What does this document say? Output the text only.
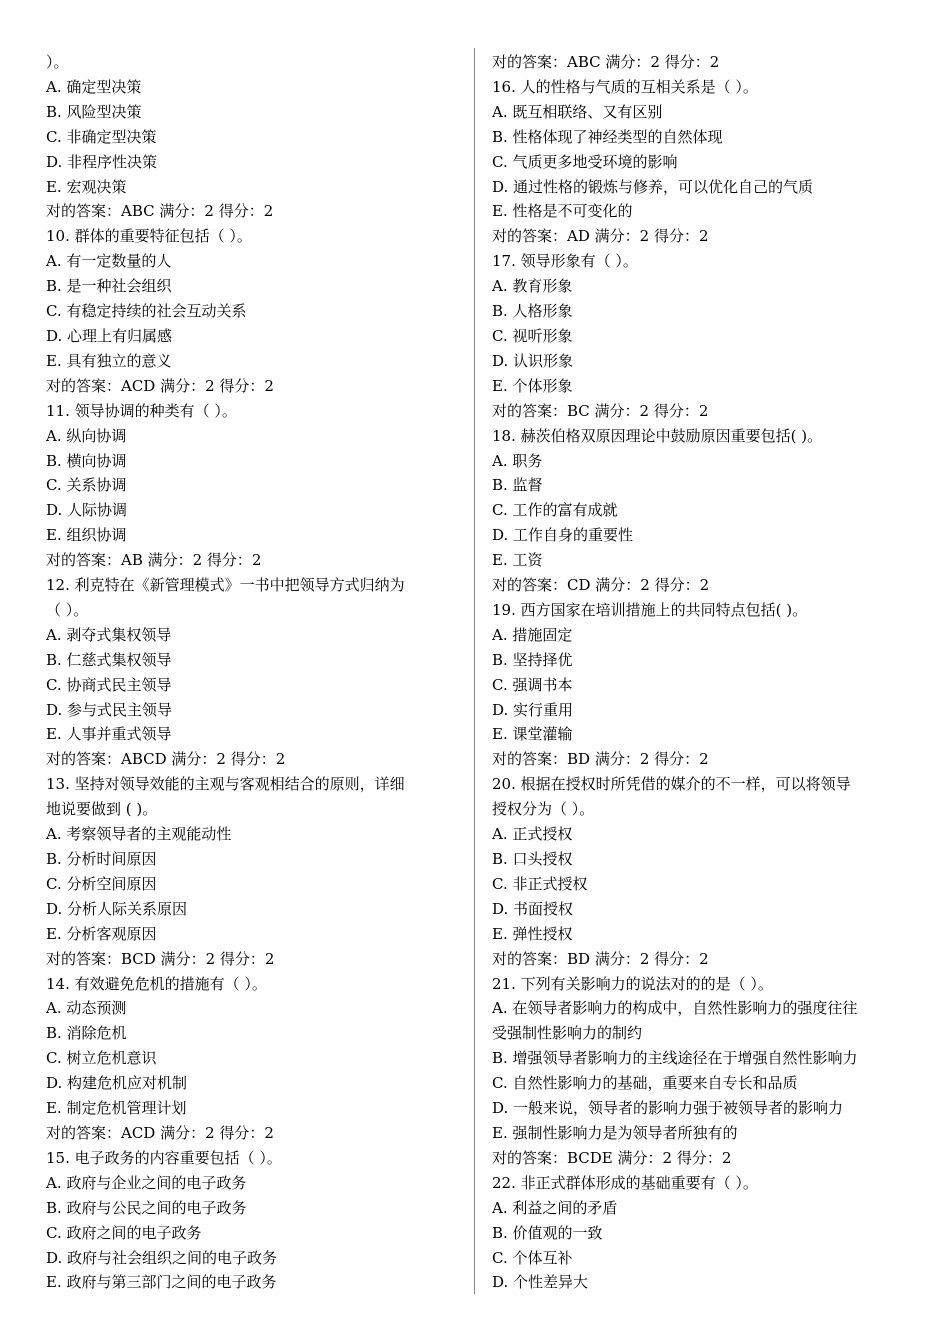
）。
A. 确定型决策
B. 风险型决策
C. 非确定型决策
D. 非程序性决策
E. 宏观决策
对的答案：ABC 满分：2 得分：2
10. 群体的重要特征包括（ ）。
A. 有一定数量的人
B. 是一种社会组织
C. 有稳定持续的社会互动关系
D. 心理上有归属感
E. 具有独立的意义
对的答案：ACD 满分：2 得分：2
11. 领导协调的种类有（ ）。
A. 纵向协调
B. 横向协调
C. 关系协调
D. 人际协调
E. 组织协调
对的答案：AB 满分：2 得分：2
12. 利克特在《新管理模式》一书中把领导方式归纳为
（ ）。
A. 剥夺式集权领导
B. 仁慈式集权领导
C. 协商式民主领导
D. 参与式民主领导
E. 人事并重式领导
对的答案：ABCD 满分：2 得分：2
13. 坚持对领导效能的主观与客观相结合的原则，详细
地说要做到 ( )。
A. 考察领导者的主观能动性
B. 分析时间原因
C. 分析空间原因
D. 分析人际关系原因
E. 分析客观原因
对的答案：BCD 满分：2 得分：2
14. 有效避免危机的措施有（ ）。
A. 动态预测
B. 消除危机
C. 树立危机意识
D. 构建危机应对机制
E. 制定危机管理计划
对的答案：ACD 满分：2 得分：2
15. 电子政务的内容重要包括（ ）。
A. 政府与企业之间的电子政务
B. 政府与公民之间的电子政务
C. 政府之间的电子政务
D. 政府与社会组织之间的电子政务
E. 政府与第三部门之间的电子政务
对的答案：ABC 满分：2 得分：2
16. 人的性格与气质的互相关系是（ ）。
A. 既互相联络、又有区别
B. 性格体现了神经类型的自然体现
C. 气质更多地受环境的影响
D. 通过性格的锻炼与修养，可以优化自己的气质
E. 性格是不可变化的
对的答案：AD 满分：2 得分：2
17. 领导形象有（ ）。
A. 教育形象
B. 人格形象
C. 视听形象
D. 认识形象
E. 个体形象
对的答案：BC 满分：2 得分：2
18. 赫茨伯格双原因理论中鼓励原因重要包括( )。
A. 职务
B. 监督
C. 工作的富有成就
D. 工作自身的重要性
E. 工资
对的答案：CD 满分：2 得分：2
19. 西方国家在培训措施上的共同特点包括( )。
A. 措施固定
B. 坚持择优
C. 强调书本
D. 实行重用
E. 课堂灌输
对的答案：BD 满分：2 得分：2
20. 根据在授权时所凭借的媒介的不一样，可以将领导
授权分为（ ）。
A. 正式授权
B. 口头授权
C. 非正式授权
D. 书面授权
E. 弹性授权
对的答案：BD 满分：2 得分：2
21. 下列有关影响力的说法对的的是（ ）。
A. 在领导者影响力的构成中，自然性影响力的强度往往
受强制性影响力的制约
B. 增强领导者影响力的主线途径在于增强自然性影响力
C. 自然性影响力的基础，重要来自专长和品质
D. 一般来说，领导者的影响力强于被领导者的影响力
E. 强制性影响力是为领导者所独有的
对的答案：BCDE 满分：2 得分：2
22. 非正式群体形成的基础重要有（ ）。
A. 利益之间的矛盾
B. 价值观的一致
C. 个体互补
D. 个性差异大
